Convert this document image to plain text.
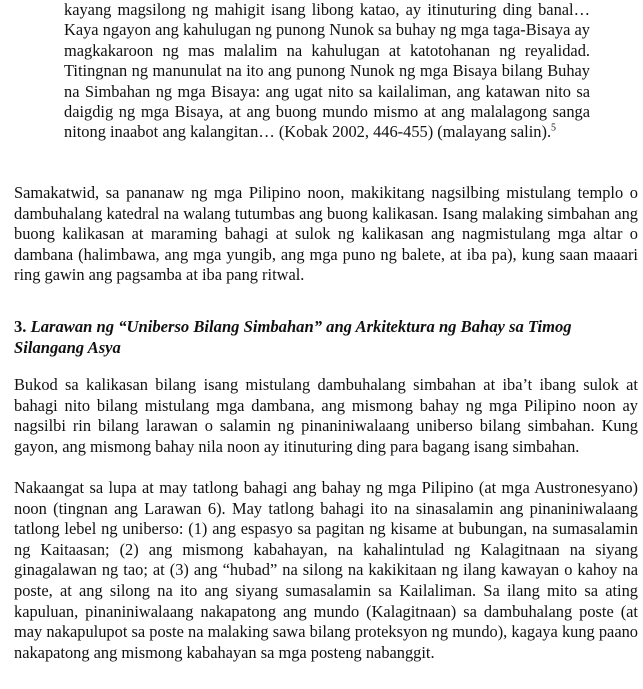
kayang magsilong ng mahigit isang libong katao, ay itinuturing ding banal… Kaya ngayon ang kahulugan ng punong Nunok sa buhay ng mga taga-Bisaya ay magkakaroon ng mas malalim na kahulugan at katotohanan ng reyalidad. Titingnan ng manunulat na ito ang punong Nunok ng mga Bisaya bilang Buhay na Simbahan ng mga Bisaya: ang ugat nito sa kailaliman, ang katawan nito sa daigdig ng mga Bisaya, at ang buong mundo mismo at ang malalagong sanga nitong inaabot ang kalangitan… (Kobak 2002, 446-455) (malayang salin).$^5$

Samakatwid, sa pananaw ng mga Pilipino noon, makikitang nagsilbing mistulang templo o dambuhalang katedral na walang tutumbas ang buong kalikasan. Isang malaking simbahan ang buong kalikasan at maraming bahagi at sulok ng kalikasan ang nagmistulang mga altar o dambana (halimbawa, ang mga yungib, ang mga puno ng balete, at iba pa), kung saan maaari ring gawin ang pagsamba at iba pang ritwal.

3. Larawan ng “Uniberso Bilang Simbahan” ang Arkitektura ng Bahay sa Timog Silangang Asya

Bukod sa kalikasan bilang isang mistulang dambuhalang simbahan at iba’t ibang sulok at bahagi nito bilang mistulang mga dambana, ang mismong bahay ng mga Pilipino noon ay nagsilbi rin bilang larawan o salamin ng pinaniniwalaang uniberso bilang simbahan. Kung gayon, ang mismong bahay nila noon ay itinuturing ding para bagang isang simbahan.

Nakaangat sa lupa at may tatlong bahagi ang bahay ng mga Pilipino (at mga Austronesyano) noon (tingnan ang Larawan 6). May tatlong bahagi ito na sinasalamin ang pinaniniwalaang tatlong lebel ng uniberso: (1) ang espasyo sa pagitan ng kisame at bubungan, na sumasalamin ng Kaitaasan; (2) ang mismong kabahayan, na kahalintulad ng Kalagitnaan na siyang ginagalawan ng tao; at (3) ang “hubad” na silong na kakikitaan ng ilang kawayan o kahoy na poste, at ang silong na ito ang siyang sumasalamin sa Kailaliman. Sa ilang mito sa ating kapuluan, pinaniniwalaang nakapatong ang mundo (Kalagitnaan) sa dambuhalang poste (at may nakapulupot sa poste na malaking sawa bilang proteksyon ng mundo), kagaya kung paano nakapatong ang mismong kabahayan sa mga posteng nabanggit.
